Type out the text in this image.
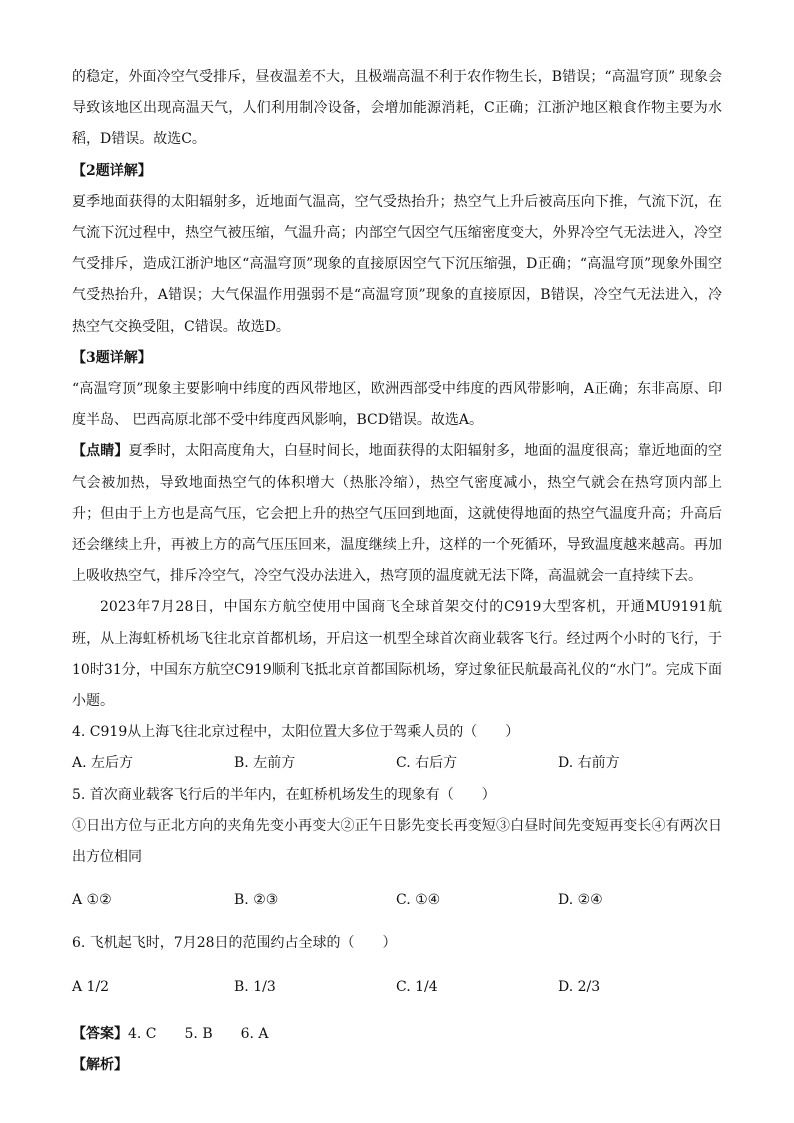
的稳定，外面冷空气受排斥，昼夜温差不大，且极端高温不利于农作物生长，B错误；“高温穹顶” 现象会导致该地区出现高温天气，人们利用制冷设备，会增加能源消耗，C正确；江浙沪地区粮食作物主要为水稻，D错误。故选C。

【2题详解】

夏季地面获得的太阳辐射多，近地面气温高，空气受热抬升；热空气上升后被高压向下推，气流下沉，在气流下沉过程中，热空气被压缩，气温升高；内部空气因空气压缩密度变大，外界冷空气无法进入，冷空气受排斥，造成江浙沪地区“高温穹顶”现象的直接原因空气下沉压缩强，D正确；“高温穹顶”现象外围空气受热抬升，A错误；大气保温作用强弱不是“高温穹顶”现象的直接原因，B错误，冷空气无法进入，冷热空气交换受阻，C错误。故选D。

【3题详解】

“高温穹顶”现象主要影响中纬度的西风带地区，欧洲西部受中纬度的西风带影响，A正确；东非高原、印度半岛、 巴西高原北部不受中纬度西风影响，BCD错误。故选A。

【点睛】夏季时，太阳高度角大，白昼时间长，地面获得的太阳辐射多，地面的温度很高；靠近地面的空气会被加热，导致地面热空气的体积增大（热胀冷缩），热空气密度减小，热空气就会在热穹顶内部上升；但由于上方也是高气压，它会把上升的热空气压回到地面，这就使得地面的热空气温度升高；升高后还会继续上升，再被上方的高气压压回来，温度继续上升，这样的一个死循环，导致温度越来越高。再加上吸收热空气，排斥冷空气，冷空气没办法进入，热穹顶的温度就无法下降，高温就会一直持续下去。

2023年7月28日，中国东方航空使用中国商飞全球首架交付的C919大型客机，开通MU9191航班，从上海虹桥机场飞往北京首都机场，开启这一机型全球首次商业载客飞行。经过两个小时的飞行，于10时31分，中国东方航空C919顺利飞抵北京首都国际机场，穿过象征民航最高礼仪的“水门”。完成下面小题。

4. C919从上海飞往北京过程中，太阳位置大多位于驾乘人员的（　　）

A. 左后方	B. 左前方	C. 右后方	D. 右前方

5. 首次商业载客飞行后的半年内，在虹桥机场发生的现象有（　　）

①日出方位与正北方向的夹角先变小再变大②正午日影先变长再变短③白昼时间先变短再变长④有两次日出方位相同

A ①②	B. ②③	C. ①④	D. ②④

6. 飞机起飞时，7月28日的范围约占全球的（　　）

A 1/2	B. 1/3	C. 1/4	D. 2/3

【答案】4. C　　5. B　　6. A

【解析】
